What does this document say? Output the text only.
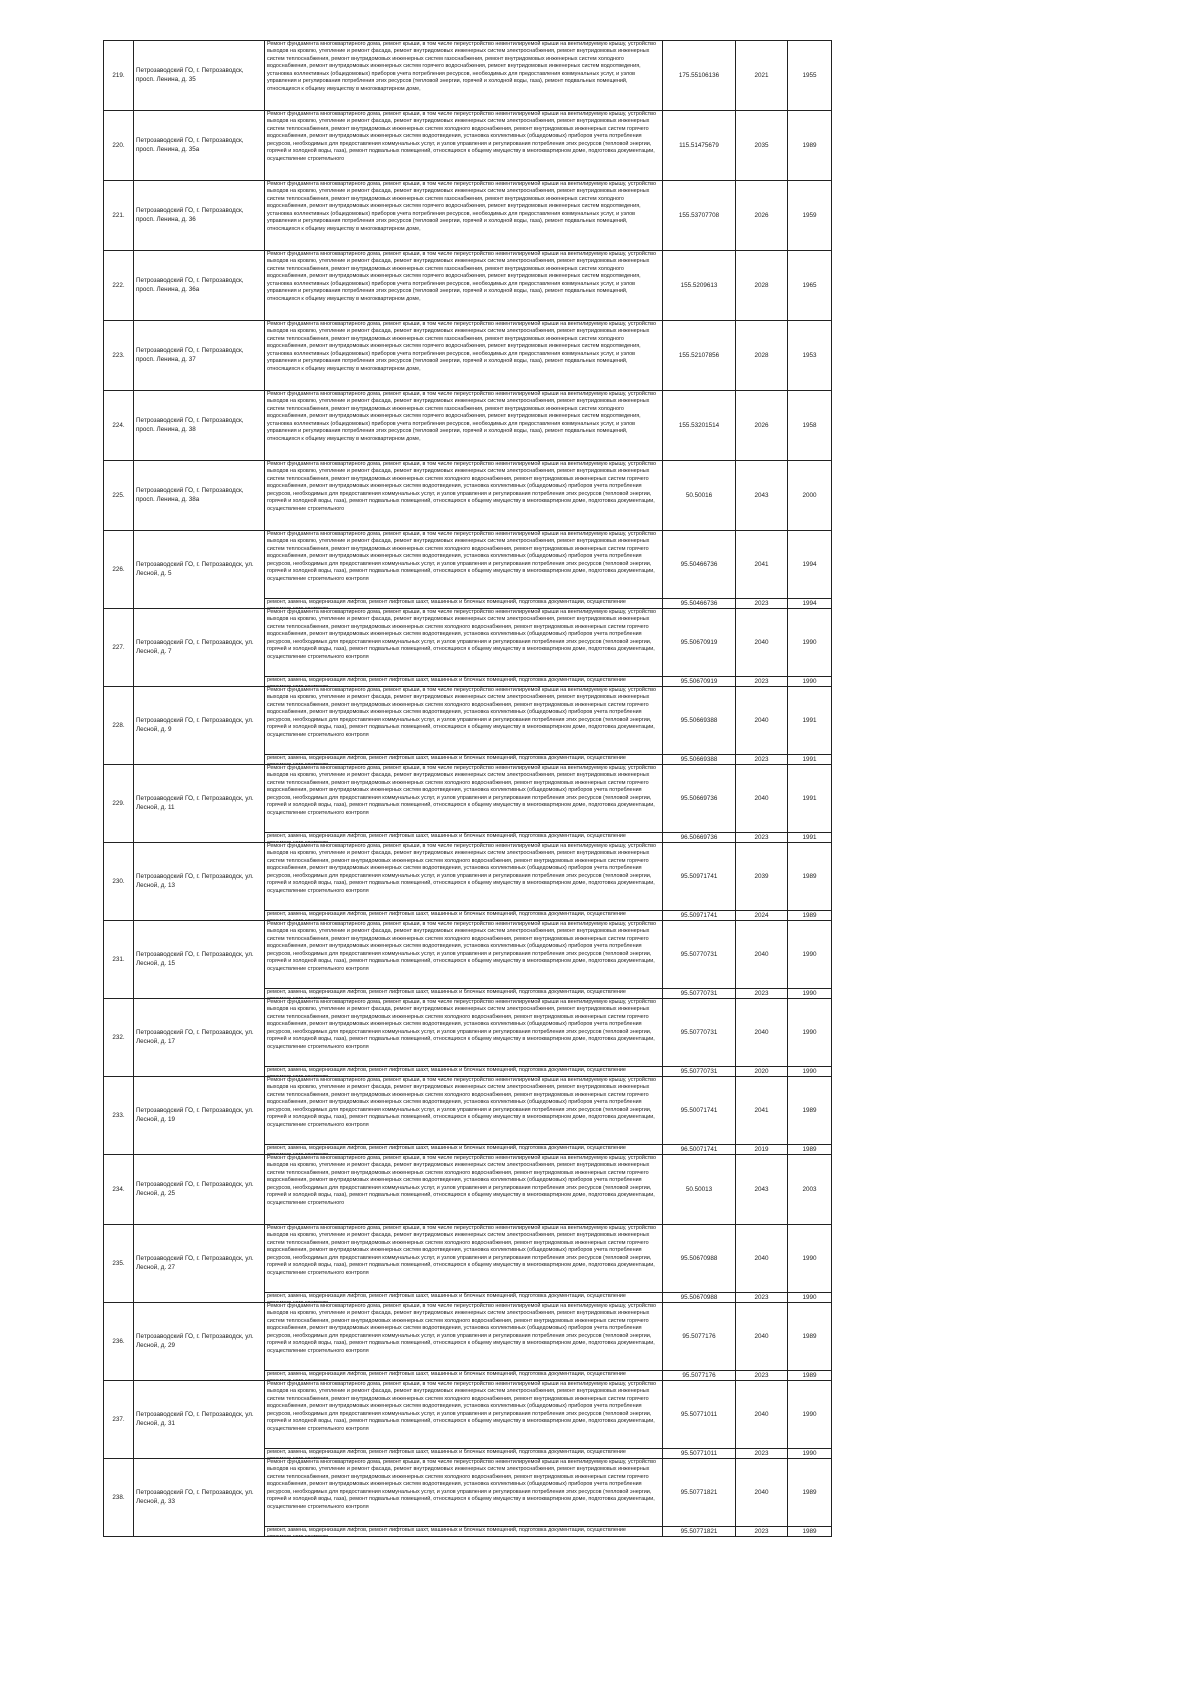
219.	Петрозаводский ГО, г. Петрозаводск, просп. Ленина, д. 35	Ремонт фундамента многоквартирного дома, ремонт крыши, в том числе переустройство невентилируемой крыши на вентилируемую крышу, устройство выходов на кровлю, утепление и ремонт фасада, ремонт внутридомовых инженерных систем электроснабжения, ремонт внутридомовых инженерных систем теплоснабжения, ремонт внутридомовых инженерных систем газоснабжения, ремонт внутридомовых инженерных систем холодного водоснабжения, ремонт внутридомовых инженерных систем горячего водоснабжения, ремонт внутридомовых инженерных систем водоотведения, установка коллективных (общедомовых) приборов учета потребления ресурсов, необходимых для предоставления коммунальных услуг, и узлов управления и регулирования потребления этих ресурсов (тепловой энергии, горячей и холодной воды, газа), ремонт подвальных помещений, относящихся к общему имуществу в многоквартирном доме,	175.55106136	2021	1955
220.	Петрозаводский ГО, г. Петрозаводск, просп. Ленина, д. 35а	Ремонт фундамента многоквартирного дома, ремонт крыши, в том числе переустройство невентилируемой крыши на вентилируемую крышу, устройство выходов на кровлю, утепление и ремонт фасада, ремонт внутридомовых инженерных систем электроснабжения, ремонт внутридомовых инженерных систем теплоснабжения, ремонт внутридомовых инженерных систем холодного водоснабжения, ремонт внутридомовых инженерных систем горячего водоснабжения, ремонт внутридомовых инженерных систем водоотведения, установка коллективных (общедомовых) приборов учета потребления ресурсов, необходимых для предоставления коммунальных услуг, и узлов управления и регулирования потребления этих ресурсов (тепловой энергии, горячей и холодной воды, газа), ремонт подвальных помещений, относящихся к общему имуществу в многоквартирном доме, подготовка документации, осуществление строительного	115.51475679	2035	1989
221.	Петрозаводский ГО, г. Петрозаводск, просп. Ленина, д. 36	Ремонт фундамента многоквартирного дома, ремонт крыши, в том числе переустройство невентилируемой крыши на вентилируемую крышу, устройство выходов на кровлю, утепление и ремонт фасада, ремонт внутридомовых инженерных систем электроснабжения, ремонт внутридомовых инженерных систем теплоснабжения, ремонт внутридомовых инженерных систем газоснабжения, ремонт внутридомовых инженерных систем холодного водоснабжения, ремонт внутридомовых инженерных систем горячего водоснабжения, ремонт внутридомовых инженерных систем водоотведения, установка коллективных (общедомовых) приборов учета потребления ресурсов, необходимых для предоставления коммунальных услуг, и узлов управления и регулирования потребления этих ресурсов (тепловой энергии, горячей и холодной воды, газа), ремонт подвальных помещений, относящихся к общему имуществу в многоквартирном доме,	155.53707708	2026	1959
222.	Петрозаводский ГО, г. Петрозаводск, просп. Ленина, д. 36а	Ремонт фундамента многоквартирного дома, ремонт крыши, в том числе переустройство невентилируемой крыши на вентилируемую крышу, устройство выходов на кровлю, утепление и ремонт фасада, ремонт внутридомовых инженерных систем электроснабжения, ремонт внутридомовых инженерных систем теплоснабжения, ремонт внутридомовых инженерных систем газоснабжения, ремонт внутридомовых инженерных систем холодного водоснабжения, ремонт внутридомовых инженерных систем горячего водоснабжения, ремонт внутридомовых инженерных систем водоотведения, установка коллективных (общедомовых) приборов учета потребления ресурсов, необходимых для предоставления коммунальных услуг, и узлов управления и регулирования потребления этих ресурсов (тепловой энергии, горячей и холодной воды, газа), ремонт подвальных помещений, относящихся к общему имуществу в многоквартирном доме,	155.5209613	2028	1965
223.	Петрозаводский ГО, г. Петрозаводск, просп. Ленина, д. 37	Ремонт фундамента многоквартирного дома, ремонт крыши, в том числе переустройство невентилируемой крыши на вентилируемую крышу, устройство выходов на кровлю, утепление и ремонт фасада, ремонт внутридомовых инженерных систем электроснабжения, ремонт внутридомовых инженерных систем теплоснабжения, ремонт внутридомовых инженерных систем газоснабжения, ремонт внутридомовых инженерных систем холодного водоснабжения, ремонт внутридомовых инженерных систем горячего водоснабжения, ремонт внутридомовых инженерных систем водоотведения, установка коллективных (общедомовых) приборов учета потребления ресурсов, необходимых для предоставления коммунальных услуг, и узлов управления и регулирования потребления этих ресурсов (тепловой энергии, горячей и холодной воды, газа), ремонт подвальных помещений, относящихся к общему имуществу в многоквартирном доме,	155.52107856	2028	1953
224.	Петрозаводский ГО, г. Петрозаводск, просп. Ленина, д. 38	Ремонт фундамента многоквартирного дома, ремонт крыши, в том числе переустройство невентилируемой крыши на вентилируемую крышу, устройство выходов на кровлю, утепление и ремонт фасада, ремонт внутридомовых инженерных систем электроснабжения, ремонт внутридомовых инженерных систем теплоснабжения, ремонт внутридомовых инженерных систем газоснабжения, ремонт внутридомовых инженерных систем холодного водоснабжения, ремонт внутридомовых инженерных систем горячего водоснабжения, ремонт внутридомовых инженерных систем водоотведения, установка коллективных (общедомовых) приборов учета потребления ресурсов, необходимых для предоставления коммунальных услуг, и узлов управления и регулирования потребления этих ресурсов (тепловой энергии, горячей и холодной воды, газа), ремонт подвальных помещений, относящихся к общему имуществу в многоквартирном доме,	155.53201514	2026	1958
225.	Петрозаводский ГО, г. Петрозаводск, просп. Ленина, д. 38а	Ремонт фундамента многоквартирного дома, ремонт крыши, в том числе переустройство невентилируемой крыши на вентилируемую крышу, устройство выходов на кровлю, утепление и ремонт фасада, ремонт внутридомовых инженерных систем электроснабжения, ремонт внутридомовых инженерных систем теплоснабжения, ремонт внутридомовых инженерных систем холодного водоснабжения, ремонт внутридомовых инженерных систем горячего водоснабжения, ремонт внутридомовых инженерных систем водоотведения, установка коллективных (общедомовых) приборов учета потребления ресурсов, необходимых для предоставления коммунальных услуг, и узлов управления и регулирования потребления этих ресурсов (тепловой энергии, горячей и холодной воды, газа), ремонт подвальных помещений, относящихся к общему имуществу в многоквартирном доме, подготовка документации, осуществление строительного	50.50016	2043	2000
226.	Петрозаводский ГО, г. Петрозаводск, ул. Лесной, д. 5	Ремонт фундамента многоквартирного дома, ремонт крыши, в том числе переустройство невентилируемой крыши на вентилируемую крышу, устройство выходов на кровлю, утепление и ремонт фасада, ремонт внутридомовых инженерных систем электроснабжения, ремонт внутридомовых инженерных систем теплоснабжения, ремонт внутридомовых инженерных систем холодного водоснабжения, ремонт внутридомовых инженерных систем горячего водоснабжения, ремонт внутридомовых инженерных систем водоотведения, установка коллективных (общедомовых) приборов учета потребления ресурсов, необходимых для предоставления коммунальных услуг, и узлов управления и регулирования потребления этих ресурсов (тепловой энергии, горячей и холодной воды, газа), ремонт подвальных помещений, относящихся к общему имуществу в многоквартирном доме, подготовка документации, осуществление строительного контроля	95.50466736	2041	1994

		ремонт, замена, модернизация лифтов, ремонт лифтовых шахт, машинных и блочных помещений, подготовка документации, осуществление	95.50466736	2023	1994
227.	Петрозаводский ГО, г. Петрозаводск, ул. Лесной, д. 7	Ремонт фундамента многоквартирного дома, ремонт крыши, в том числе переустройство невентилируемой крыши на вентилируемую крышу, устройство выходов на кровлю, утепление и ремонт фасада, ремонт внутридомовых инженерных систем электроснабжения, ремонт внутридомовых инженерных систем теплоснабжения, ремонт внутридомовых инженерных систем холодного водоснабжения, ремонт внутридомовых инженерных систем горячего водоснабжения, ремонт внутридомовых инженерных систем водоотведения, установка коллективных (общедомовых) приборов учета потребления ресурсов, необходимых для предоставления коммунальных услуг, и узлов управления и регулирования потребления этих ресурсов (тепловой энергии, горячей и холодной воды, газа), ремонт подвальных помещений, относящихся к общему имуществу в многоквартирном доме, подготовка документации, осуществление строительного контроля	95.50670919	2040	1990

		ремонт, замена, модернизация лифтов, ремонт лифтовых шахт, машинных и блочных помещений, подготовка документации, осуществление	95.50670919	2023	1990
228.	Петрозаводский ГО, г. Петрозаводск, ул. Лесной, д. 9	Ремонт фундамента многоквартирного дома, ремонт крыши, в том числе переустройство невентилируемой крыши на вентилируемую крышу, устройство выходов на кровлю, утепление и ремонт фасада, ремонт внутридомовых инженерных систем электроснабжения, ремонт внутридомовых инженерных систем теплоснабжения, ремонт внутридомовых инженерных систем холодного водоснабжения, ремонт внутридомовых инженерных систем горячего водоснабжения, ремонт внутридомовых инженерных систем водоотведения, установка коллективных (общедомовых) приборов учета потребления ресурсов, необходимых для предоставления коммунальных услуг, и узлов управления и регулирования потребления этих ресурсов (тепловой энергии, горячей и холодной воды, газа), ремонт подвальных помещений, относящихся к общему имуществу в многоквартирном доме, подготовка документации, осуществление строительного контроля	95.50669388	2040	1991

		ремонт, замена, модернизация лифтов, ремонт лифтовых шахт, машинных и блочных помещений, подготовка документации, осуществление	95.50669388	2023	1991
229.	Петрозаводский ГО, г. Петрозаводск, ул. Лесной, д. 11	Ремонт фундамента многоквартирного дома, ремонт крыши, в том числе переустройство невентилируемой крыши на вентилируемую крышу, устройство выходов на кровлю, утепление и ремонт фасада, ремонт внутридомовых инженерных систем электроснабжения, ремонт внутридомовых инженерных систем теплоснабжения, ремонт внутридомовых инженерных систем холодного водоснабжения, ремонт внутридомовых инженерных систем горячего водоснабжения, ремонт внутридомовых инженерных систем водоотведения, установка коллективных (общедомовых) приборов учета потребления ресурсов, необходимых для предоставления коммунальных услуг, и узлов управления и регулирования потребления этих ресурсов (тепловой энергии, горячей и холодной воды, газа), ремонт подвальных помещений, относящихся к общему имуществу в многоквартирном доме, подготовка документации, осуществление строительного контроля	95.50669736	2040	1991

		ремонт, замена, модернизация лифтов, ремонт лифтовых шахт, машинных и блочных помещений, подготовка документации, осуществление	96.50669736	2023	1991
230.	Петрозаводский ГО, г. Петрозаводск, ул. Лесной, д. 13	Ремонт фундамента многоквартирного дома, ремонт крыши, в том числе переустройство невентилируемой крыши на вентилируемую крышу, устройство выходов на кровлю, утепление и ремонт фасада, ремонт внутридомовых инженерных систем электроснабжения, ремонт внутридомовых инженерных систем теплоснабжения, ремонт внутридомовых инженерных систем холодного водоснабжения, ремонт внутридомовых инженерных систем горячего водоснабжения, ремонт внутридомовых инженерных систем водоотведения, установка коллективных (общедомовых) приборов учета потребления ресурсов, необходимых для предоставления коммунальных услуг, и узлов управления и регулирования потребления этих ресурсов (тепловой энергии, горячей и холодной воды, газа), ремонт подвальных помещений, относящихся к общему имуществу в многоквартирном доме, подготовка документации, осуществление строительного контроля	95.50971741	2039	1989

		ремонт, замена, модернизация лифтов, ремонт лифтовых шахт, машинных и блочных помещений, подготовка документации, осуществление	95.50971741	2024	1989
231.	Петрозаводский ГО, г. Петрозаводск, ул. Лесной, д. 15	Ремонт фундамента многоквартирного дома, ремонт крыши, в том числе переустройство невентилируемой крыши на вентилируемую крышу, устройство выходов на кровлю, утепление и ремонт фасада, ремонт внутридомовых инженерных систем электроснабжения, ремонт внутридомовых инженерных систем теплоснабжения, ремонт внутридомовых инженерных систем холодного водоснабжения, ремонт внутридомовых инженерных систем горячего водоснабжения, ремонт внутридомовых инженерных систем водоотведения, установка коллективных (общедомовых) приборов учета потребления ресурсов, необходимых для предоставления коммунальных услуг, и узлов управления и регулирования потребления этих ресурсов (тепловой энергии, горячей и холодной воды, газа), ремонт подвальных помещений, относящихся к общему имуществу в многоквартирном доме, подготовка документации, осуществление строительного контроля	95.50770731	2040	1990

		ремонт, замена, модернизация лифтов, ремонт лифтовых шахт, машинных и блочных помещений, подготовка документации, осуществление	95.50770731	2023	1990
232.	Петрозаводский ГО, г. Петрозаводск, ул. Лесной, д. 17	Ремонт фундамента многоквартирного дома, ремонт крыши, в том числе переустройство невентилируемой крыши на вентилируемую крышу, устройство выходов на кровлю, утепление и ремонт фасада, ремонт внутридомовых инженерных систем электроснабжения, ремонт внутридомовых инженерных систем теплоснабжения, ремонт внутридомовых инженерных систем холодного водоснабжения, ремонт внутридомовых инженерных систем горячего водоснабжения, ремонт внутридомовых инженерных систем водоотведения, установка коллективных (общедомовых) приборов учета потребления ресурсов, необходимых для предоставления коммунальных услуг, и узлов управления и регулирования потребления этих ресурсов (тепловой энергии, горячей и холодной воды, газа), ремонт подвальных помещений, относящихся к общему имуществу в многоквартирном доме, подготовка документации, осуществление строительного контроля	95.50770731	2040	1990

		ремонт, замена, модернизация лифтов, ремонт лифтовых шахт, машинных и блочных помещений, подготовка документации, осуществление	95.50770731	2020	1990
233.	Петрозаводский ГО, г. Петрозаводск, ул. Лесной, д. 19	Ремонт фундамента многоквартирного дома, ремонт крыши, в том числе переустройство невентилируемой крыши на вентилируемую крышу, устройство выходов на кровлю, утепление и ремонт фасада, ремонт внутридомовых инженерных систем электроснабжения, ремонт внутридомовых инженерных систем теплоснабжения, ремонт внутридомовых инженерных систем холодного водоснабжения, ремонт внутридомовых инженерных систем горячего водоснабжения, ремонт внутридомовых инженерных систем водоотведения, установка коллективных (общедомовых) приборов учета потребления ресурсов, необходимых для предоставления коммунальных услуг, и узлов управления и регулирования потребления этих ресурсов (тепловой энергии, горячей и холодной воды, газа), ремонт подвальных помещений, относящихся к общему имуществу в многоквартирном доме, подготовка документации, осуществление строительного контроля	95.50071741	2041	1989

		ремонт, замена, модернизация лифтов, ремонт лифтовых шахт, машинных и блочных помещений, подготовка документации, осуществление	96.50071741	2019	1989
234.	Петрозаводский ГО, г. Петрозаводск, ул. Лесной, д. 25	Ремонт фундамента многоквартирного дома, ремонт крыши, в том числе переустройство невентилируемой крыши на вентилируемую крышу, устройство выходов на кровлю, утепление и ремонт фасада, ремонт внутридомовых инженерных систем электроснабжения, ремонт внутридомовых инженерных систем теплоснабжения, ремонт внутридомовых инженерных систем холодного водоснабжения, ремонт внутридомовых инженерных систем горячего водоснабжения, ремонт внутридомовых инженерных систем водоотведения, установка коллективных (общедомовых) приборов учета потребления ресурсов, необходимых для предоставления коммунальных услуг, и узлов управления и регулирования потребления этих ресурсов (тепловой энергии, горячей и холодной воды, газа), ремонт подвальных помещений, относящихся к общему имуществу в многоквартирном доме, подготовка документации, осуществление строительного	50.50013	2043	2003
235.	Петрозаводский ГО, г. Петрозаводск, ул. Лесной, д. 27	Ремонт фундамента многоквартирного дома, ремонт крыши, в том числе переустройство невентилируемой крыши на вентилируемую крышу, устройство выходов на кровлю, утепление и ремонт фасада, ремонт внутридомовых инженерных систем электроснабжения, ремонт внутридомовых инженерных систем теплоснабжения, ремонт внутридомовых инженерных систем холодного водоснабжения, ремонт внутридомовых инженерных систем горячего водоснабжения, ремонт внутридомовых инженерных систем водоотведения, установка коллективных (общедомовых) приборов учета потребления ресурсов, необходимых для предоставления коммунальных услуг, и узлов управления и регулирования потребления этих ресурсов (тепловой энергии, горячей и холодной воды, газа), ремонт подвальных помещений, относящихся к общему имуществу в многоквартирном доме, подготовка документации, осуществление строительного контроля	95.50670988	2040	1990

		ремонт, замена, модернизация лифтов, ремонт лифтовых шахт, машинных и блочных помещений, подготовка документации, осуществление	95.50670988	2023	1990
236.	Петрозаводский ГО, г. Петрозаводск, ул. Лесной, д. 29	Ремонт фундамента многоквартирного дома, ремонт крыши, в том числе переустройство невентилируемой крыши на вентилируемую крышу, устройство выходов на кровлю, утепление и ремонт фасада, ремонт внутридомовых инженерных систем электроснабжения, ремонт внутридомовых инженерных систем теплоснабжения, ремонт внутридомовых инженерных систем холодного водоснабжения, ремонт внутридомовых инженерных систем горячего водоснабжения, ремонт внутридомовых инженерных систем водоотведения, установка коллективных (общедомовых) приборов учета потребления ресурсов, необходимых для предоставления коммунальных услуг, и узлов управления и регулирования потребления этих ресурсов (тепловой энергии, горячей и холодной воды, газа), ремонт подвальных помещений, относящихся к общему имуществу в многоквартирном доме, подготовка документации, осуществление строительного контроля	95.5077176	2040	1989

		ремонт, замена, модернизация лифтов, ремонт лифтовых шахт, машинных и блочных помещений, подготовка документации, осуществление	95.5077176	2023	1989
237.	Петрозаводский ГО, г. Петрозаводск, ул. Лесной, д. 31	Ремонт фундамента многоквартирного дома, ремонт крыши, в том числе переустройство невентилируемой крыши на вентилируемую крышу, устройство выходов на кровлю, утепление и ремонт фасада, ремонт внутридомовых инженерных систем электроснабжения, ремонт внутридомовых инженерных систем теплоснабжения, ремонт внутридомовых инженерных систем холодного водоснабжения, ремонт внутридомовых инженерных систем горячего водоснабжения, ремонт внутридомовых инженерных систем водоотведения, установка коллективных (общедомовых) приборов учета потребления ресурсов, необходимых для предоставления коммунальных услуг, и узлов управления и регулирования потребления этих ресурсов (тепловой энергии, горячей и холодной воды, газа), ремонт подвальных помещений, относящихся к общему имуществу в многоквартирном доме, подготовка документации, осуществление строительного контроля	95.50771011	2040	1990

		ремонт, замена, модернизация лифтов, ремонт лифтовых шахт, машинных и блочных помещений, подготовка документации, осуществление	95.50771011	2023	1990
238.	Петрозаводский ГО, г. Петрозаводск, ул. Лесной, д. 33	Ремонт фундамента многоквартирного дома, ремонт крыши, в том числе переустройство невентилируемой крыши на вентилируемую крышу, устройство выходов на кровлю, утепление и ремонт фасада, ремонт внутридомовых инженерных систем электроснабжения, ремонт внутридомовых инженерных систем теплоснабжения, ремонт внутридомовых инженерных систем холодного водоснабжения, ремонт внутридомовых инженерных систем горячего водоснабжения, ремонт внутридомовых инженерных систем водоотведения, установка коллективных (общедомовых) приборов учета потребления ресурсов, необходимых для предоставления коммунальных услуг, и узлов управления и регулирования потребления этих ресурсов (тепловой энергии, горячей и холодной воды, газа), ремонт подвальных помещений, относящихся к общему имуществу в многоквартирном доме, подготовка документации, осуществление строительного контроля	95.50771821	2040	1989

		ремонт, замена, модернизация лифтов, ремонт лифтовых шахт, машинных и блочных помещений, подготовка документации, осуществление	95.50771821	2023	1989
